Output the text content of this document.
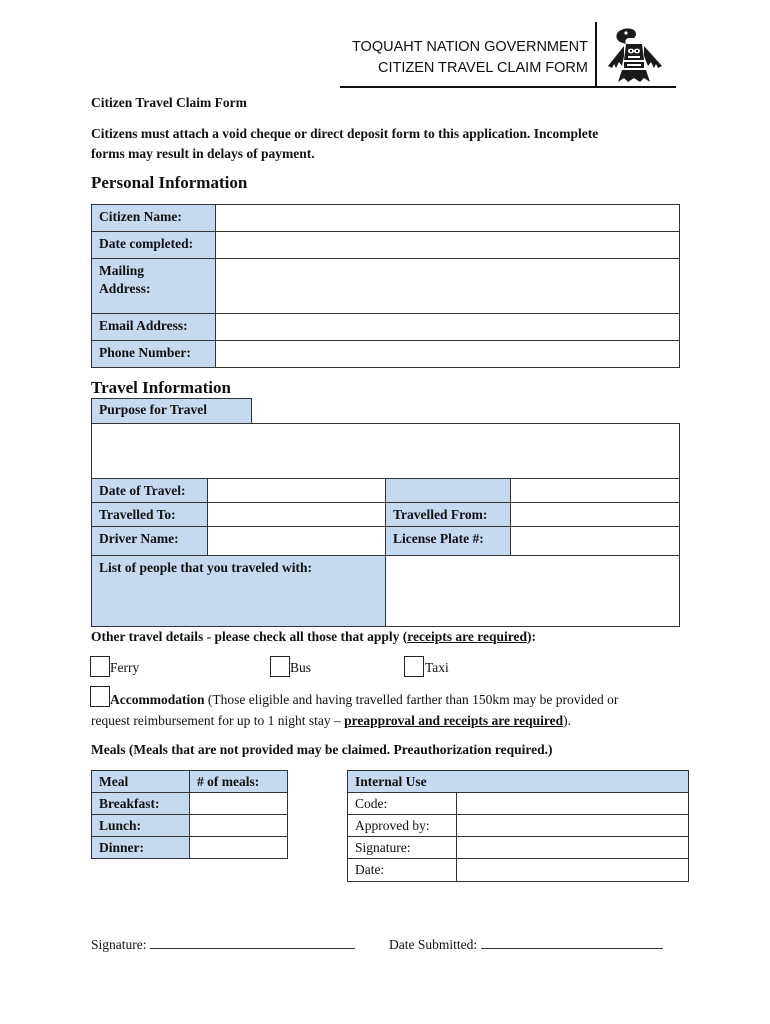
TOQUAHT NATION GOVERNMENT
CITIZEN TRAVEL CLAIM FORM
Citizen Travel Claim Form
Citizens must attach a void cheque or direct deposit form to this application. Incomplete
forms may result in delays of payment.
Personal Information
Citizen Name:
Date completed:
Mailing
Address:
Email Address:
Phone Number:
Travel Information
Purpose for Travel
Date of Travel:
Travelled To:	Travelled From:
Driver Name:	License Plate #:
List of people that you traveled with:
Other travel details - please check all those that apply (receipts are required):
Ferry	Bus	Taxi
Accommodation (Those eligible and having travelled farther than 150km may be provided or
request reimbursement for up to 1 night stay – preapproval and receipts are required).
Meals (Meals that are not provided may be claimed. Preauthorization required.)
Meal	# of meals:
Breakfast:
Lunch:
Dinner:
Internal Use
Code:
Approved by:
Signature:
Date:
Signature:	Date Submitted:
